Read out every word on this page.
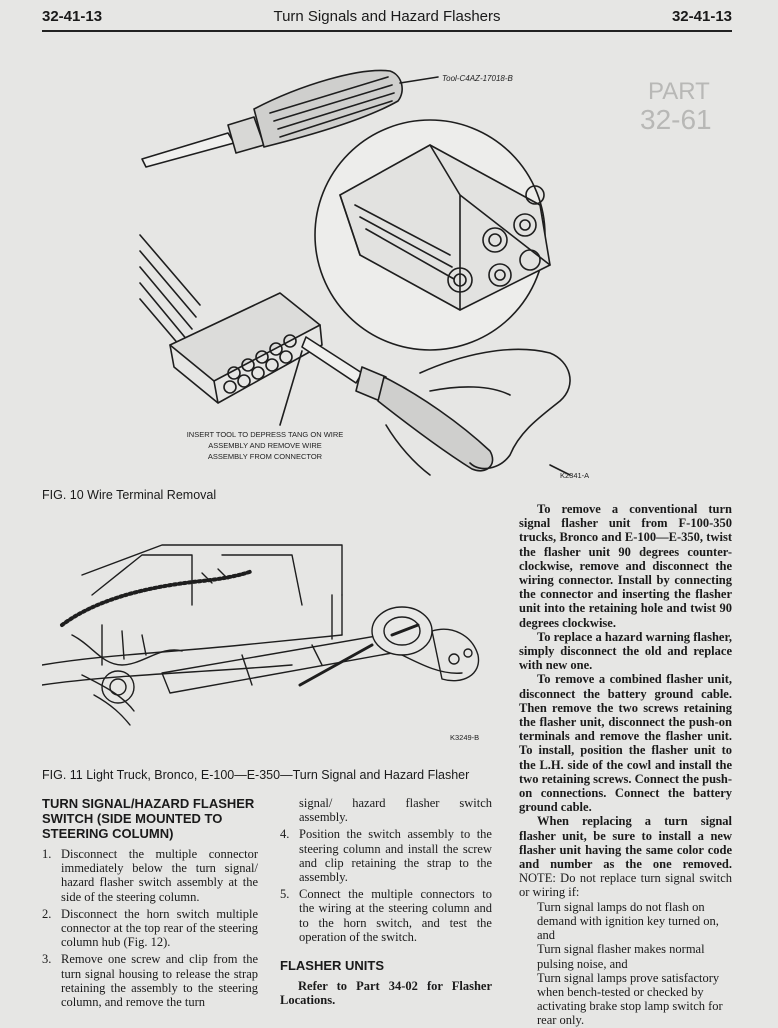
32-41-13	Turn Signals and Hazard Flashers	32-41-13
PART
32-61
Tool-C4AZ-17018-B
INSERT TOOL TO DEPRESS TANG ON WIRE
ASSEMBLY AND REMOVE WIRE
ASSEMBLY FROM CONNECTOR
K2341-A
FIG. 10 Wire Terminal Removal
K3249-B
FIG. 11 Light Truck, Bronco, E-100—E-350—Turn Signal and Hazard Flasher

TURN SIGNAL/HAZARD FLASHER

SWITCH (SIDE MOUNTED TO

STEERING COLUMN)

1. Disconnect the multiple connector immediately below the turn signal/ hazard flasher switch assembly at the side of the steering column.

2. Disconnect the horn switch multiple connector at the top rear of the steering column hub (Fig. 12).

3. Remove one screw and clip from the turn signal housing to release the strap retaining the assembly to the steering column, and remove the turn

signal/ hazard flasher switch assembly.

4. Position the switch assembly to the steering column and install the screw and clip retaining the strap to the assembly.

5. Connect the multiple connectors to the wiring at the steering column and to the horn switch, and test the operation of the switch.

FLASHER UNITS

Refer to Part 34-02 for Flasher Locations.

To remove a conventional turn signal flasher unit from F-100-350 trucks, Bronco and E-100—E-350, twist the flasher unit 90 degrees counter-clockwise, remove and disconnect the wiring connector. Install by connecting the connector and inserting the flasher unit into the retaining hole and twist 90 degrees clockwise.

To replace a hazard warning flasher, simply disconnect the old and replace with new one.

To remove a combined flasher unit, disconnect the battery ground cable. Then remove the two screws retaining the flasher unit, disconnect the push-on terminals and remove the flasher unit. To install, position the flasher unit to the L.H. side of the cowl and install the two retaining screws. Connect the push-on connections. Connect the battery ground cable.

When replacing a turn signal flasher unit, be sure to install a new flasher unit having the same color code and number as the one removed. NOTE: Do not replace turn signal switch or wiring if:

Turn signal lamps do not flash on demand with ignition key turned on, and

Turn signal flasher makes normal pulsing noise, and

Turn signal lamps prove satisfactory when bench-tested or checked by activating brake stop lamp switch for rear only.
